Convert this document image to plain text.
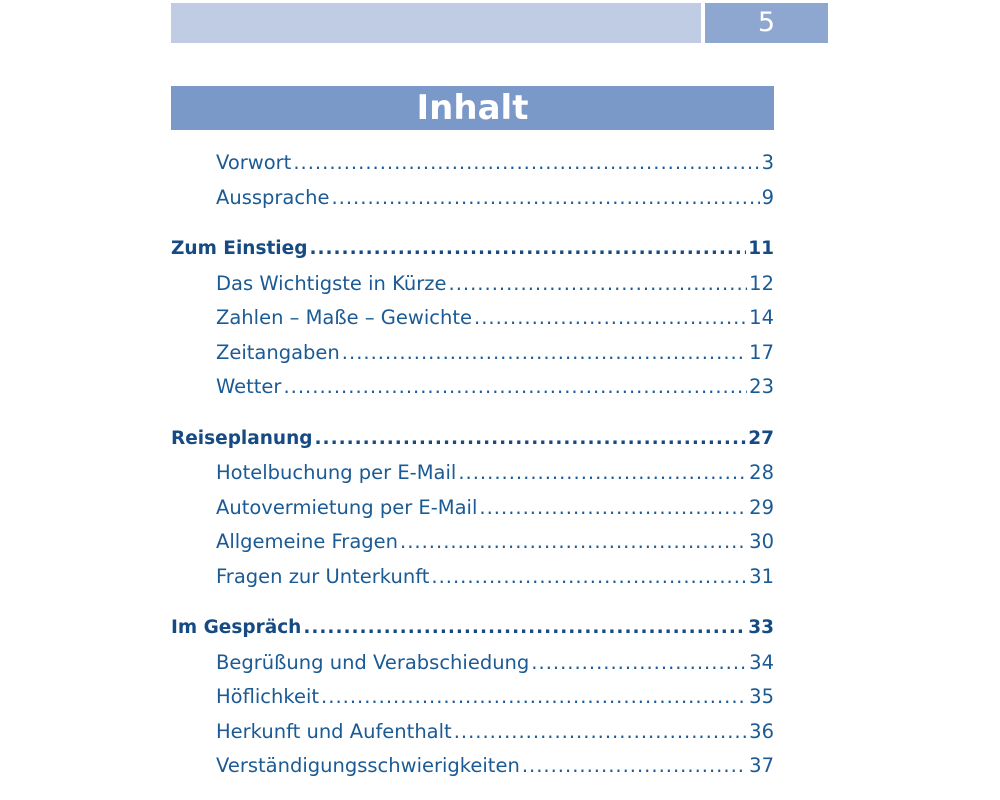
5
Inhalt
Vorwort .....	3
Aussprache .....	9
Zum Einstieg .....	11
Das Wichtigste in Kürze .....	12
Zahlen – Maße – Gewichte .....	14
Zeitangaben .....	17
Wetter .....	23
Reiseplanung .....	27
Hotelbuchung per E-Mail .....	28
Autovermietung per E-Mail .....	29
Allgemeine Fragen .....	30
Fragen zur Unterkunft .....	31
Im Gespräch .....	33
Begrüßung und Verabschiedung .....	34
Höflichkeit .....	35
Herkunft und Aufenthalt .....	36
Verständigungsschwierigkeiten .....	37
